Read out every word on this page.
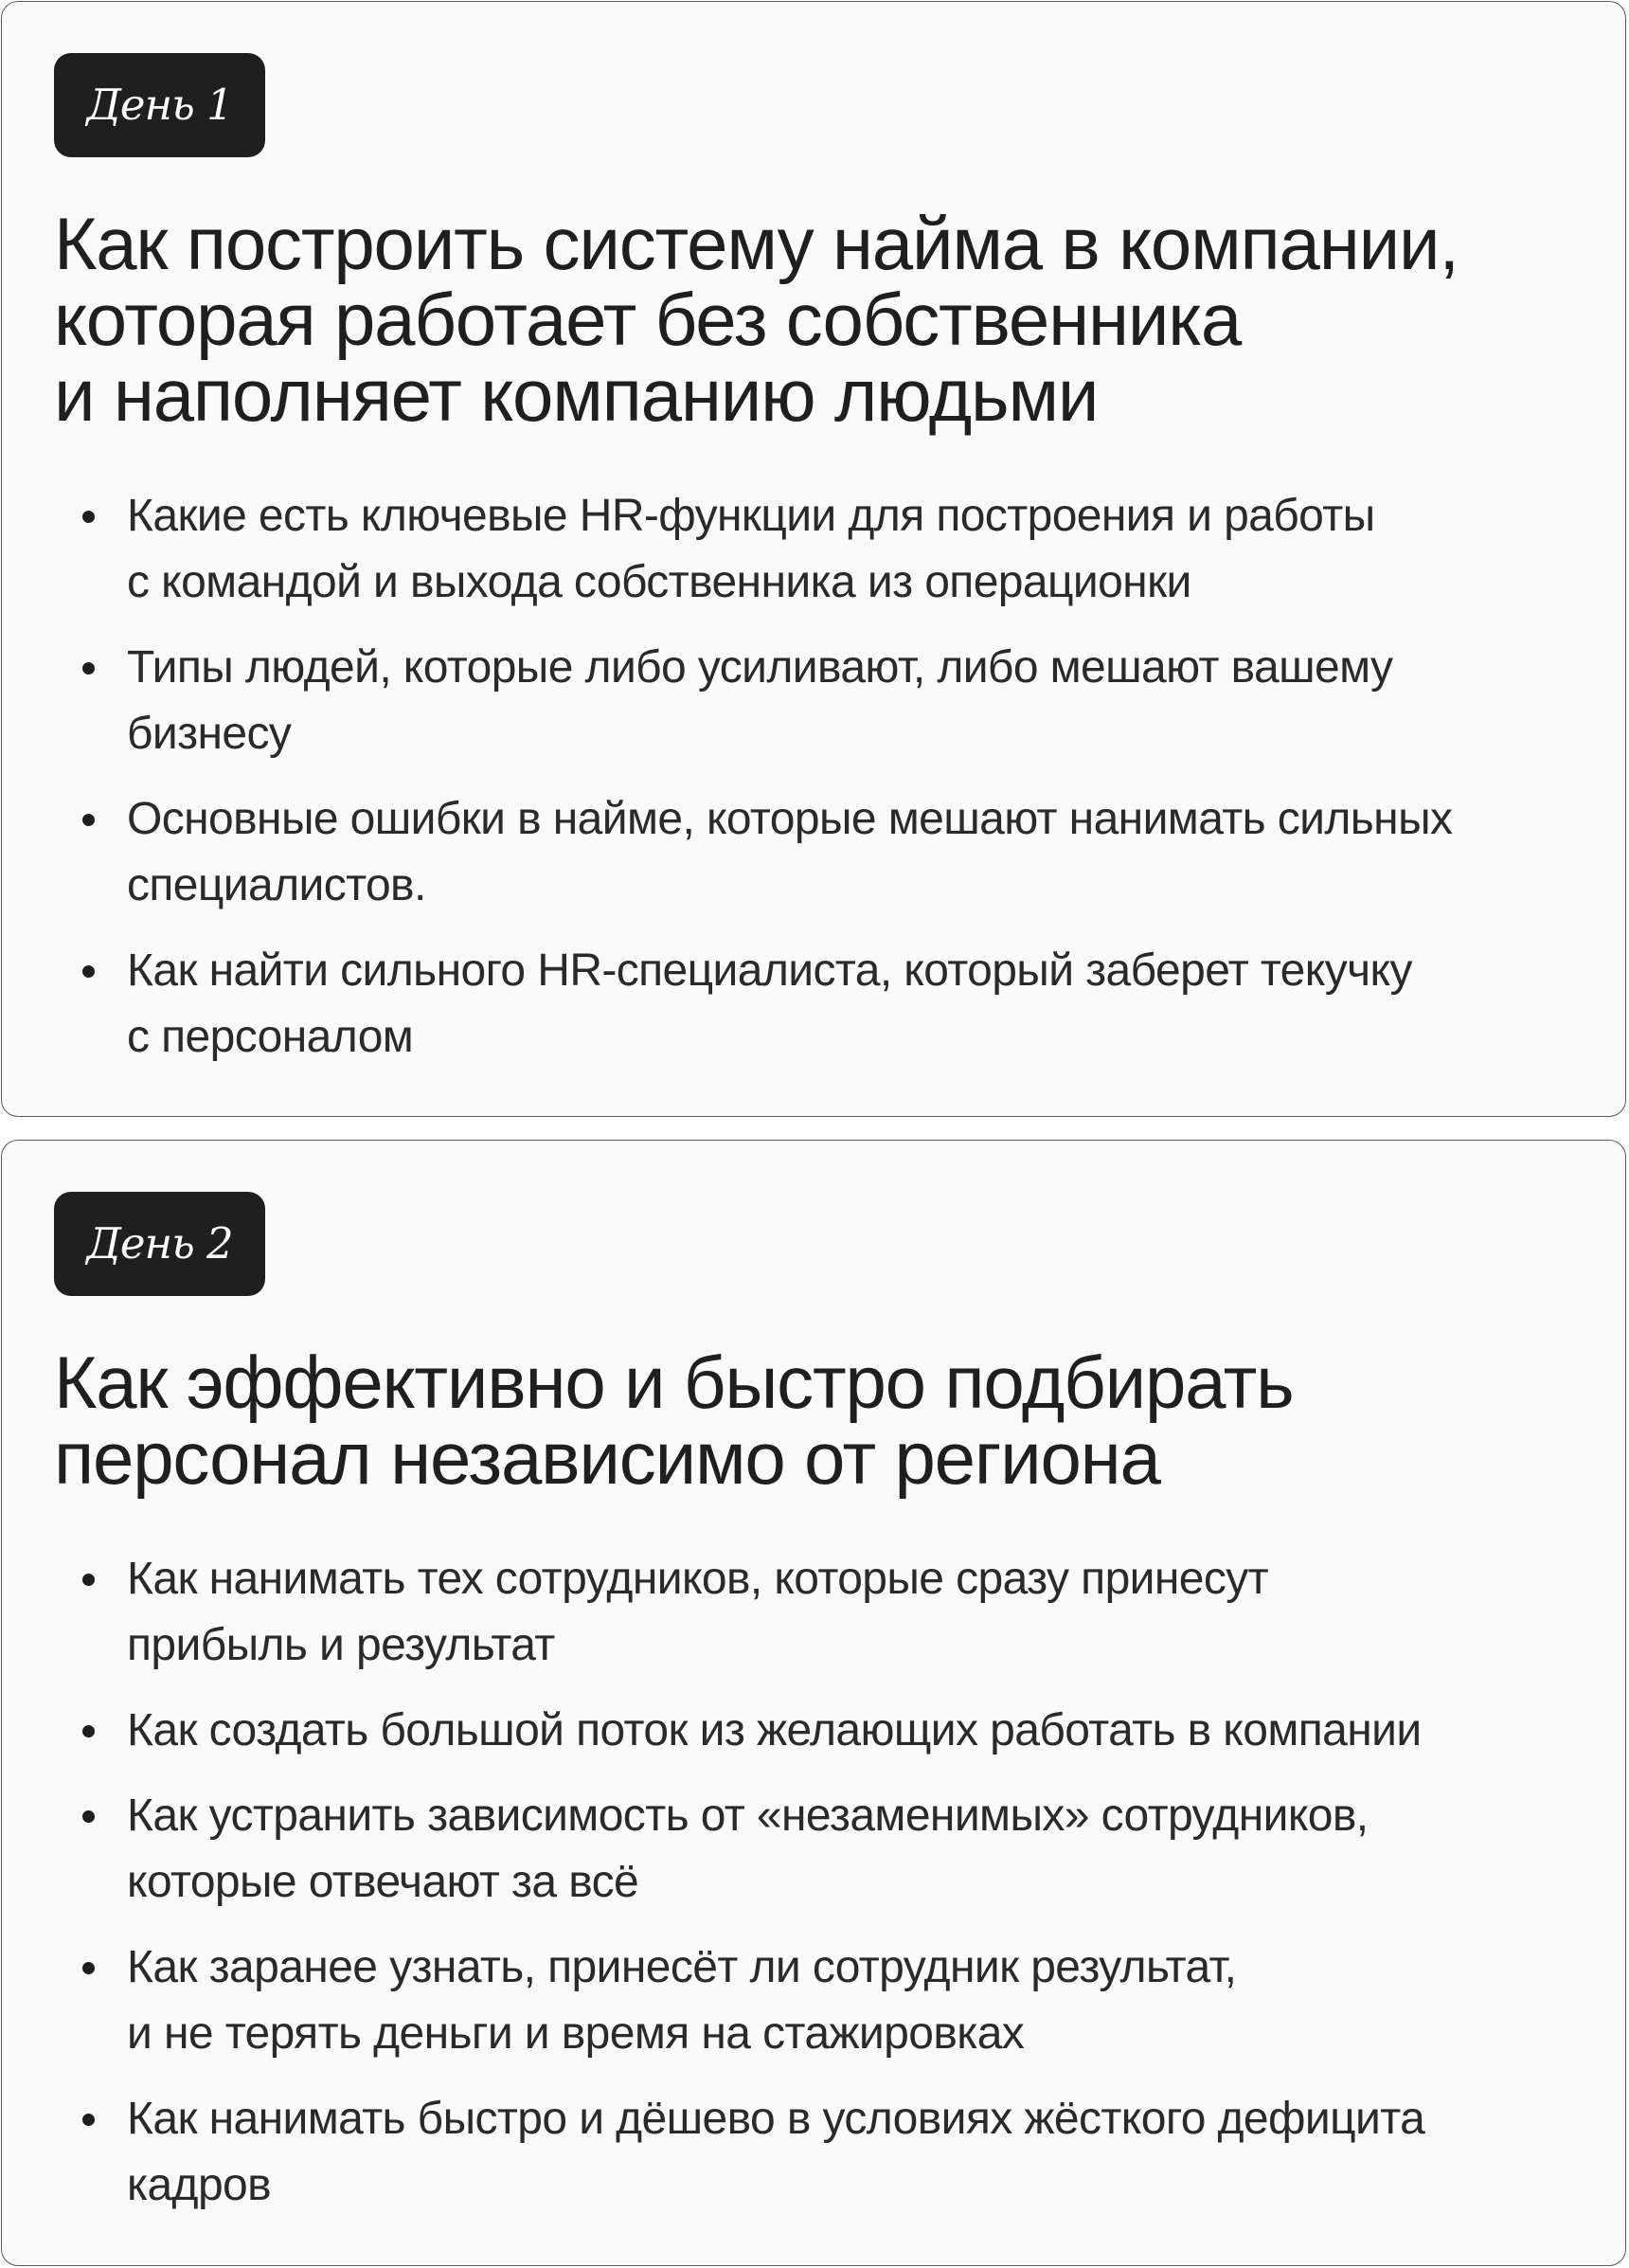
День 1
Как построить систему найма в компании,
которая работает без собственника
и наполняет компанию людьми
Какие есть ключевые HR-функции для построения и работы
с командой и выхода собственника из операционки
Типы людей, которые либо усиливают, либо мешают вашему
бизнесу
Основные ошибки в найме, которые мешают нанимать сильных
специалистов.
Как найти сильного HR-специалиста, который заберет текучку
с персоналом
День 2
Как эффективно и быстро подбирать
персонал независимо от региона
Как нанимать тех сотрудников, которые сразу принесут
прибыль и результат
Как создать большой поток из желающих работать в компании
Как устранить зависимость от «незаменимых» сотрудников,
которые отвечают за всё
Как заранее узнать, принесёт ли сотрудник результат,
и не терять деньги и время на стажировках
Как нанимать быстро и дёшево в условиях жёсткого дефицита
кадров
